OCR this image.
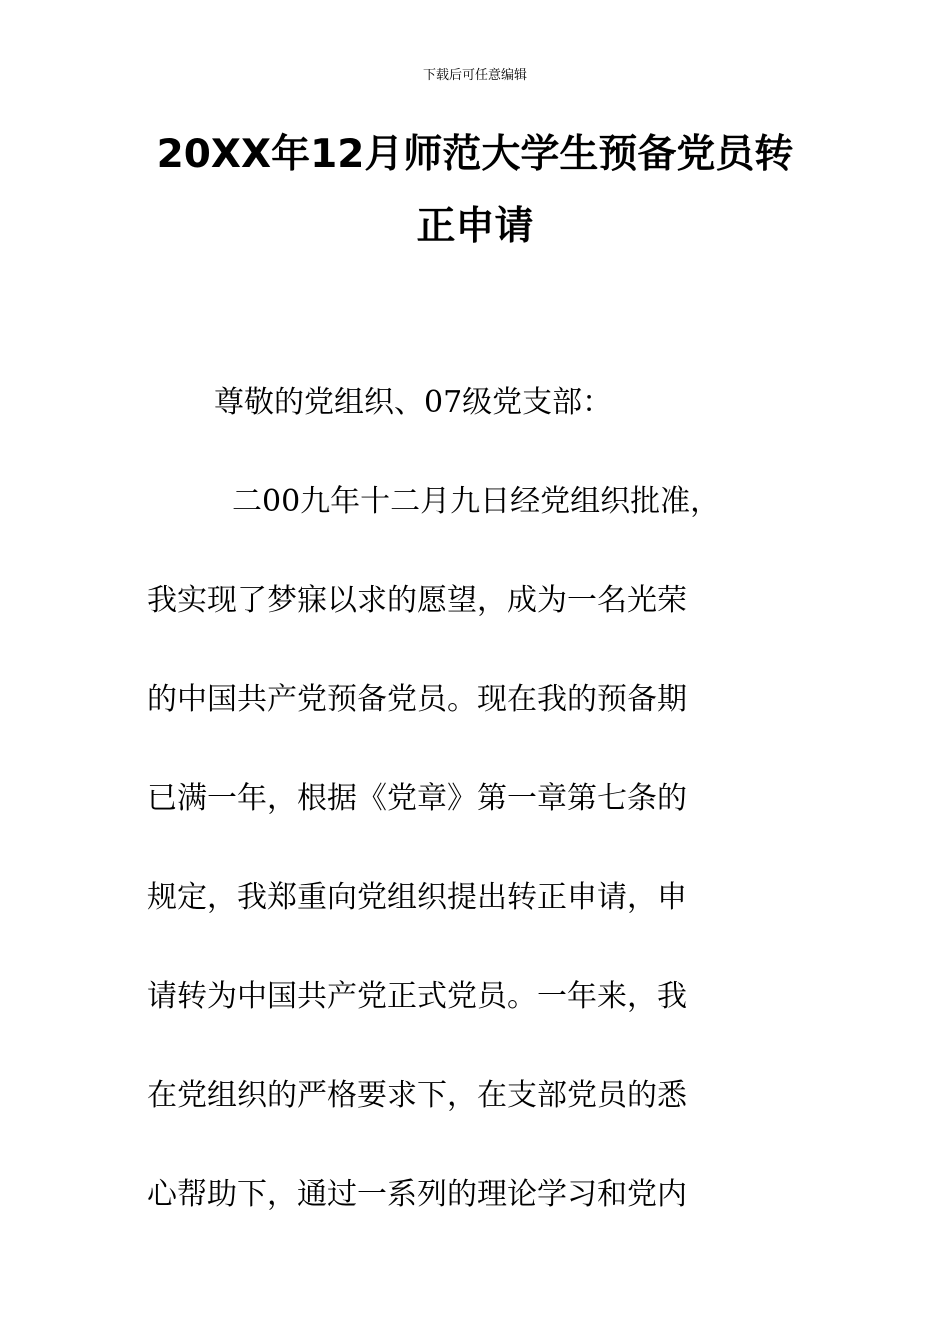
下载后可任意编辑
20XX年12月师范大学生预备党员转
正申请
尊敬的党组织、07级党支部：
二00九年十二月九日经党组织批准，
我实现了梦寐以求的愿望，成为一名光荣
的中国共产党预备党员。现在我的预备期
已满一年，根据《党章》第一章第七条的
规定，我郑重向党组织提出转正申请，申
请转为中国共产党正式党员。一年来，我
在党组织的严格要求下，在支部党员的悉
心帮助下，通过一系列的理论学习和党内
